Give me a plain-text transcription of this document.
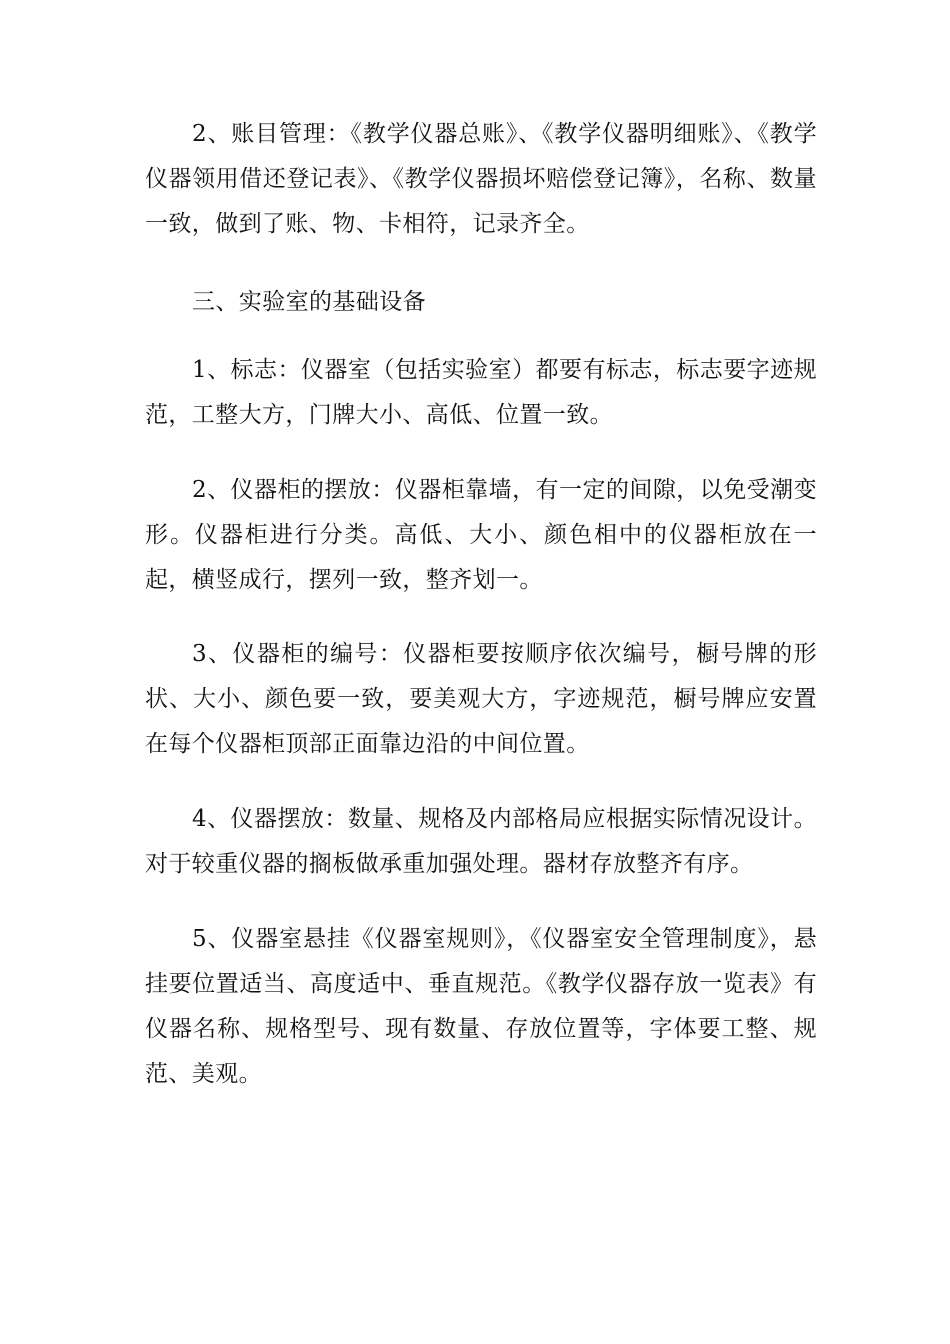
2、账目管理：《教学仪器总账》、《教学仪器明细账》、《教学仪器领用借还登记表》、《教学仪器损坏赔偿登记簿》，名称、数量一致，做到了账、物、卡相符，记录齐全。

三、实验室的基础设备

1、标志：仪器室（包括实验室）都要有标志，标志要字迹规范，工整大方，门牌大小、高低、位置一致。

2、仪器柜的摆放：仪器柜靠墙，有一定的间隙，以免受潮变形。仪器柜进行分类。高低、大小、颜色相中的仪器柜放在一起，横竖成行，摆列一致，整齐划一。

3、仪器柜的编号：仪器柜要按顺序依次编号，橱号牌的形状、大小、颜色要一致，要美观大方，字迹规范，橱号牌应安置在每个仪器柜顶部正面靠边沿的中间位置。

4、仪器摆放：数量、规格及内部格局应根据实际情况设计。对于较重仪器的搁板做承重加强处理。器材存放整齐有序。

5、仪器室悬挂《仪器室规则》，《仪器室安全管理制度》，悬挂要位置适当、高度适中、垂直规范。《教学仪器存放一览表》有仪器名称、规格型号、现有数量、存放位置等，字体要工整、规范、美观。
